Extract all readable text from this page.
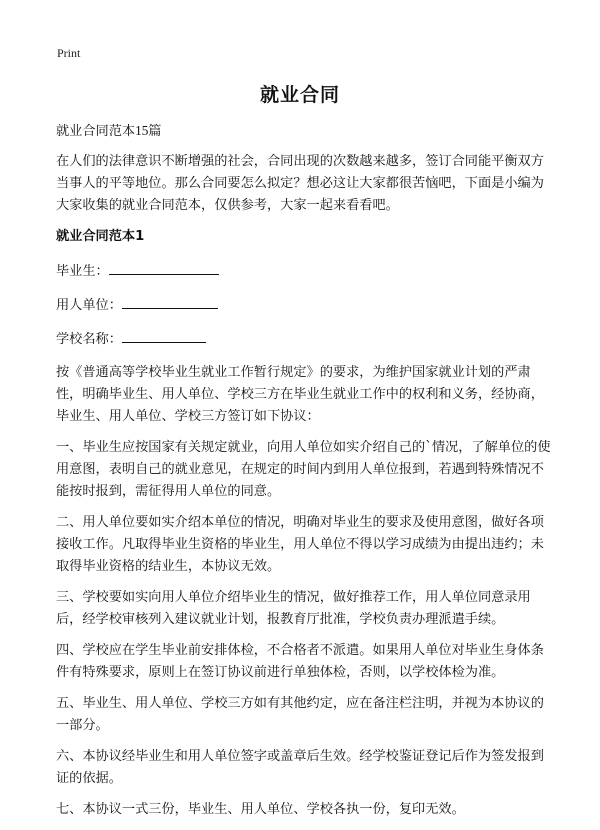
Print
就业合同

就业合同范本15篇

在人们的法律意识不断增强的社会，合同出现的次数越来越多，签订合同能平衡双方当事人的平等地位。那么合同要怎么拟定？想必这让大家都很苦恼吧，下面是小编为大家收集的就业合同范本，仅供参考，大家一起来看看吧。

就业合同范本1

毕业生：
用人单位：
学校名称：

按《普通高等学校毕业生就业工作暂行规定》的要求，为维护国家就业计划的严肃性，明确毕业生、用人单位、学校三方在毕业生就业工作中的权利和义务，经协商，毕业生、用人单位、学校三方签订如下协议：

一、毕业生应按国家有关规定就业，向用人单位如实介绍自己的`情况，了解单位的使用意图，表明自己的就业意见，在规定的时间内到用人单位报到，若遇到特殊情况不能按时报到，需征得用人单位的同意。

二、用人单位要如实介绍本单位的情况，明确对毕业生的要求及使用意图，做好各项接收工作。凡取得毕业生资格的毕业生，用人单位不得以学习成绩为由提出违约；未取得毕业资格的结业生，本协议无效。

三、学校要如实向用人单位介绍毕业生的情况，做好推荐工作，用人单位同意录用后，经学校审核列入建议就业计划，报教育厅批准，学校负责办理派遣手续。

四、学校应在学生毕业前安排体检，不合格者不派遣。如果用人单位对毕业生身体条件有特殊要求，原则上在签订协议前进行单独体检，否则，以学校体检为准。

五、毕业生、用人单位、学校三方如有其他约定，应在备注栏注明，并视为本协议的一部分。

六、本协议经毕业生和用人单位签字或盖章后生效。经学校鉴证登记后作为签发报到证的依据。

七、本协议一式三份，毕业生、用人单位、学校各执一份，复印无效。
